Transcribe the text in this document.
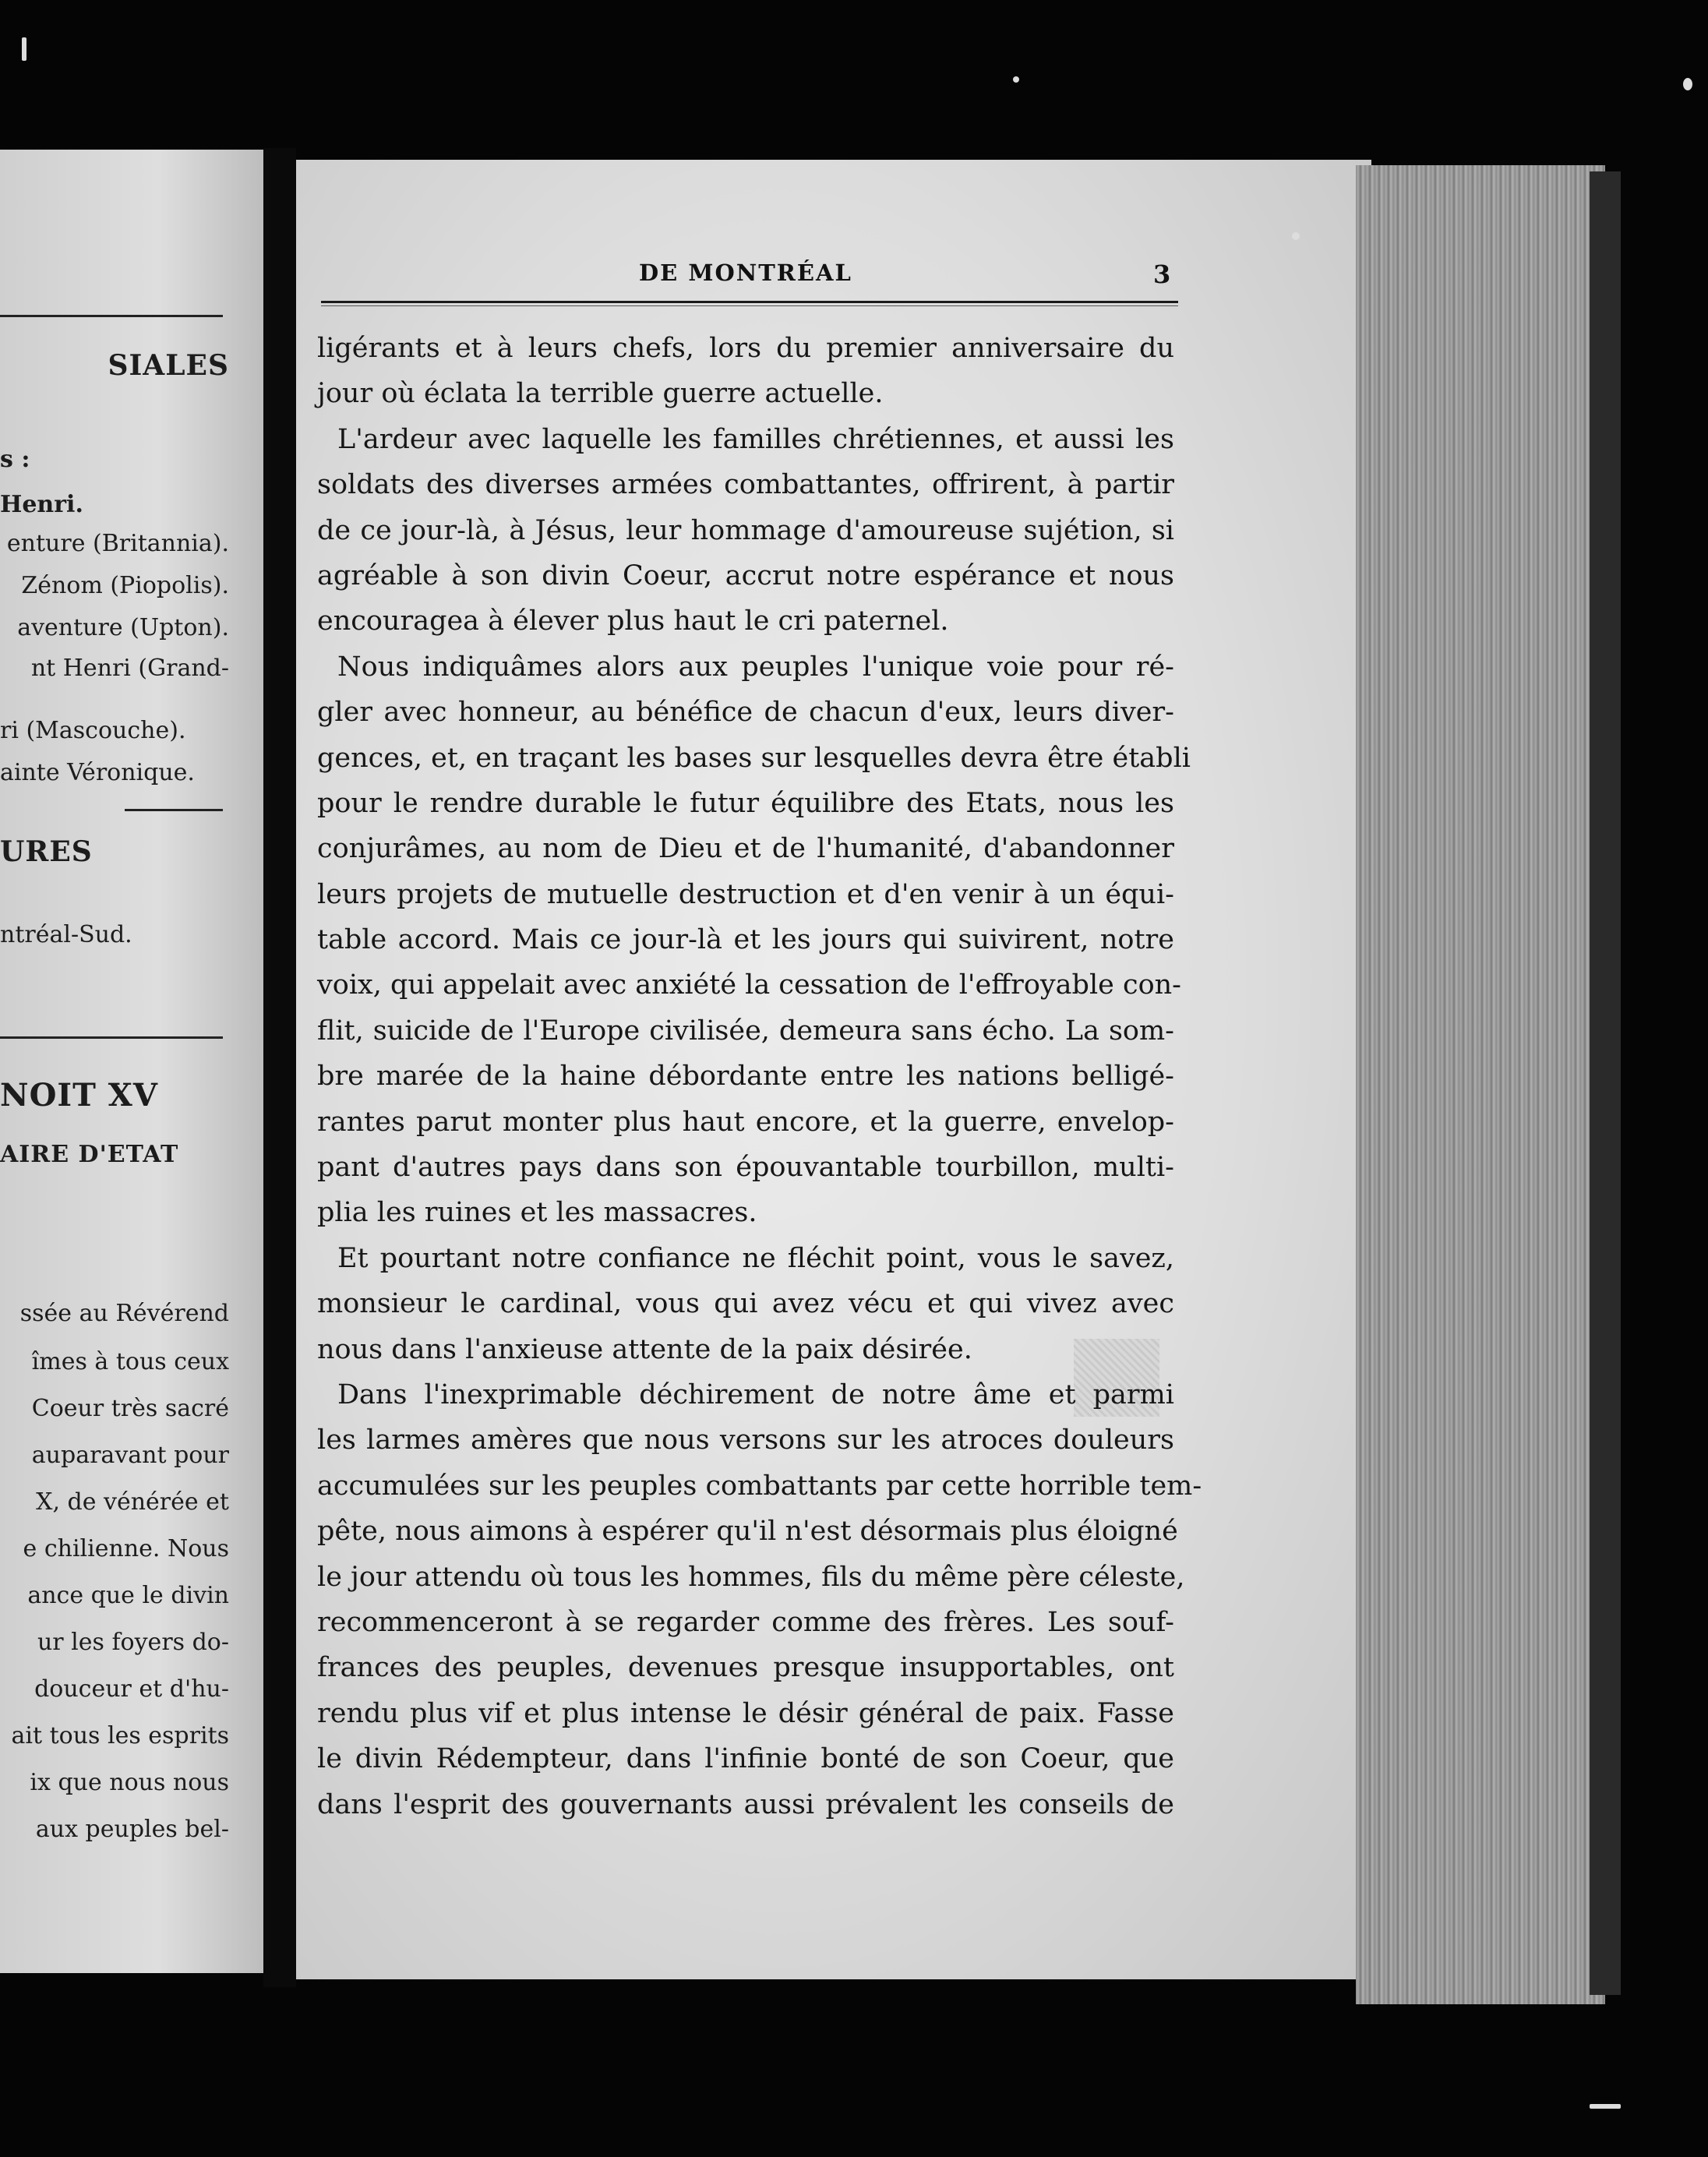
SIALES
s :
Henri.
enture (Britannia).
Zénom (Piopolis).
aventure (Upton).
nt Henri (Grand-
ri (Mascouche).
ainte Véronique.
URES
ntréal-Sud.
NOIT XV
AIRE D'ETAT
ssée au Révérend
îmes à tous ceux
Coeur très sacré
auparavant pour
X, de vénérée et
e chilienne. Nous
ance que le divin
ur les foyers do-
douceur et d'hu-
ait tous les esprits
ix que nous nous
aux peuples bel-
DE MONTRÉAL	3
ligérants et à leurs chefs, lors du premier anniversaire du
jour où éclata la terrible guerre actuelle.
L'ardeur avec laquelle les familles chrétiennes, et aussi les
soldats des diverses armées combattantes, offrirent, à partir
de ce jour-là, à Jésus, leur hommage d'amoureuse sujétion, si
agréable à son divin Coeur, accrut notre espérance et nous
encouragea à élever plus haut le cri paternel.
Nous indiquâmes alors aux peuples l'unique voie pour ré-
gler avec honneur, au bénéfice de chacun d'eux, leurs diver-
gences, et, en traçant les bases sur lesquelles devra être établi
pour le rendre durable le futur équilibre des Etats, nous les
conjurâmes, au nom de Dieu et de l'humanité, d'abandonner
leurs projets de mutuelle destruction et d'en venir à un équi-
table accord. Mais ce jour-là et les jours qui suivirent, notre
voix, qui appelait avec anxiété la cessation de l'effroyable con-
flit, suicide de l'Europe civilisée, demeura sans écho. La som-
bre marée de la haine débordante entre les nations belligé-
rantes parut monter plus haut encore, et la guerre, envelop-
pant d'autres pays dans son épouvantable tourbillon, multi-
plia les ruines et les massacres.
Et pourtant notre confiance ne fléchit point, vous le savez,
monsieur le cardinal, vous qui avez vécu et qui vivez avec
nous dans l'anxieuse attente de la paix désirée.
Dans l'inexprimable déchirement de notre âme et parmi
les larmes amères que nous versons sur les atroces douleurs
accumulées sur les peuples combattants par cette horrible tem-
pête, nous aimons à espérer qu'il n'est désormais plus éloigné
le jour attendu où tous les hommes, fils du même père céleste,
recommenceront à se regarder comme des frères. Les souf-
frances des peuples, devenues presque insupportables, ont
rendu plus vif et plus intense le désir général de paix. Fasse
le divin Rédempteur, dans l'infinie bonté de son Coeur, que
dans l'esprit des gouvernants aussi prévalent les conseils de
